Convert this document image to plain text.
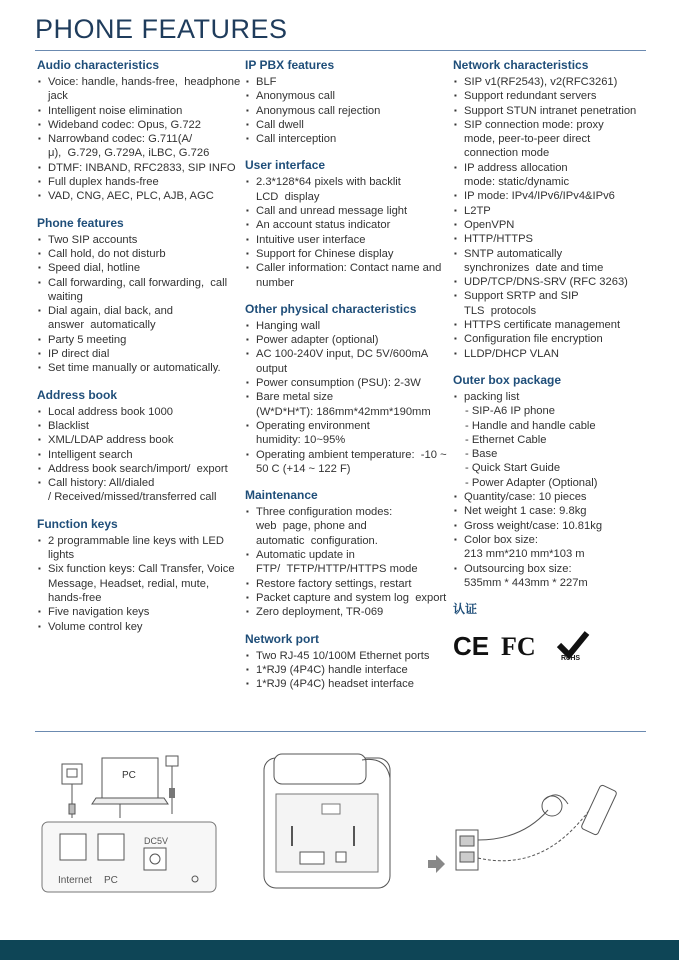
PHONE FEATURES
Audio characteristics
▪ Voice: handle, hands-free,  headphone jack
▪ Intelligent noise elimination
▪ Wideband codec: Opus, G.722
▪ Narrowband codec: G.711(A/μ),  G.729, G.729A, iLBC, G.726
▪ DTMF: INBAND, RFC2833, SIP INFO
▪ Full duplex hands-free
▪ VAD, CNG, AEC, PLC, AJB, AGC
Phone features
▪ Two SIP accounts
▪ Call hold, do not disturb
▪ Speed dial, hotline
▪ Call forwarding, call forwarding,  call waiting
▪ Dial again, dial back, and answer  automatically
▪ Party 5 meeting
▪ IP direct dial
▪ Set time manually or automatically.
Address book
▪ Local address book 1000
▪ Blacklist
▪ XML/LDAP address book
▪ Intelligent search
▪ Address book search/import/  export
▪ Call history: All/dialed / Received/missed/transferred call
Function keys
▪ 2 programmable line keys with LED lights
▪ Six function keys: Call Transfer, Voice Message, Headset, redial, mute, hands-free
▪ Five navigation keys
▪ Volume control key
IP PBX features
▪ BLF
▪ Anonymous call
▪ Anonymous call rejection
▪ Call dwell
▪ Call interception
User interface
▪ 2.3*128*64 pixels with backlit LCD  display
▪ Call and unread message light
▪ An account status indicator
▪ Intuitive user interface
▪ Support for Chinese display
▪ Caller information: Contact name and number
Other physical characteristics
▪ Hanging wall
▪ Power adapter (optional)
▪ AC 100-240V input, DC 5V/600mA output
▪ Power consumption (PSU): 2-3W
▪ Bare metal size (W*D*H*T): 186mm*42mm*190mm
▪ Operating environment humidity: 10~95%
▪ Operating ambient temperature:  -10 ~ 50 C (+14 ~ 122 F)
Maintenance
▪ Three configuration modes: web  page, phone and automatic  configuration.
▪ Automatic update in FTP/  TFTP/HTTP/HTTPS mode
▪ Restore factory settings, restart
▪ Packet capture and system log  export
▪ Zero deployment, TR-069
Network port
▪ Two RJ-45 10/100M Ethernet ports
▪ 1*RJ9 (4P4C) handle interface
▪ 1*RJ9 (4P4C) headset interface
Network characteristics
▪ SIP v1(RF2543), v2(RFC3261)
▪ Support redundant servers
▪ Support STUN intranet penetration
▪ SIP connection mode: proxy mode, peer-to-peer direct connection mode
▪ IP address allocation mode: static/dynamic
▪ IP mode: IPv4/IPv6/IPv4&IPv6
▪ L2TP
▪ OpenVPN
▪ HTTP/HTTPS
▪ SNTP automatically synchronizes  date and time
▪ UDP/TCP/DNS-SRV (RFC 3263)
▪ Support SRTP and SIP TLS  protocols
▪ HTTPS certificate management
▪ Configuration file encryption
▪ LLDP/DHCP VLAN
Outer box package
▪ packing list
- SIP-A6 IP phone
- Handle and handle cable
- Ethernet Cable
- Base
- Quick Start Guide
- Power Adapter (Optional)
▪ Quantity/case: 10 pieces
▪ Net weight 1 case: 9.8kg
▪ Gross weight/case: 10.81kg
▪ Color box size:
213 mm*210 mm*103 m
▪ Outsourcing box size:
535mm * 443mm * 227m
认证
CE FC	RoHS
PC
Internet PC
DC5V
